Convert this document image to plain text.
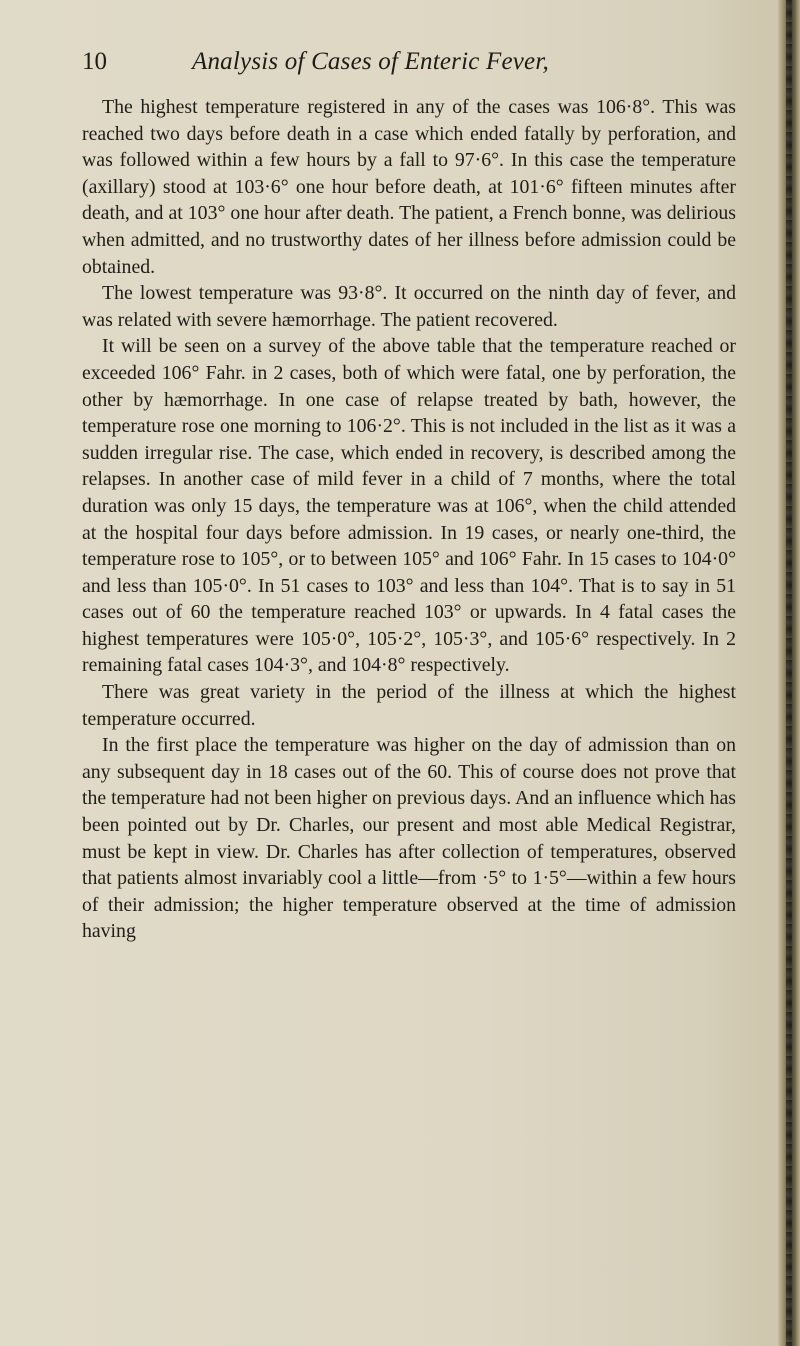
10	Analysis of Cases of Enteric Fever,

The highest temperature registered in any of the cases was 106·8°. This was reached two days before death in a case which ended fatally by perforation, and was followed within a few hours by a fall to 97·6°. In this case the temperature (axillary) stood at 103·6° one hour before death, at 101·6° fifteen minutes after death, and at 103° one hour after death. The patient, a French bonne, was delirious when admitted, and no trustworthy dates of her illness before admission could be obtained.

The lowest temperature was 93·8°. It occurred on the ninth day of fever, and was related with severe hæmorrhage. The patient recovered.

It will be seen on a survey of the above table that the temperature reached or exceeded 106° Fahr. in 2 cases, both of which were fatal, one by perforation, the other by hæmorrhage. In one case of relapse treated by bath, however, the temperature rose one morning to 106·2°. This is not included in the list as it was a sudden irregular rise. The case, which ended in recovery, is described among the relapses. In another case of mild fever in a child of 7 months, where the total duration was only 15 days, the temperature was at 106°, when the child attended at the hospital four days before admission. In 19 cases, or nearly one-third, the temperature rose to 105°, or to between 105° and 106° Fahr. In 15 cases to 104·0° and less than 105·0°. In 51 cases to 103° and less than 104°. That is to say in 51 cases out of 60 the temperature reached 103° or upwards. In 4 fatal cases the highest temperatures were 105·0°, 105·2°, 105·3°, and 105·6° respectively. In 2 remaining fatal cases 104·3°, and 104·8° respectively.

There was great variety in the period of the illness at which the highest temperature occurred.

In the first place the temperature was higher on the day of admission than on any subsequent day in 18 cases out of the 60. This of course does not prove that the temperature had not been higher on previous days. And an influence which has been pointed out by Dr. Charles, our present and most able Medical Registrar, must be kept in view. Dr. Charles has after collection of temperatures, observed that patients almost invariably cool a little—from ·5° to 1·5°—within a few hours of their admission; the higher temperature observed at the time of admission having
